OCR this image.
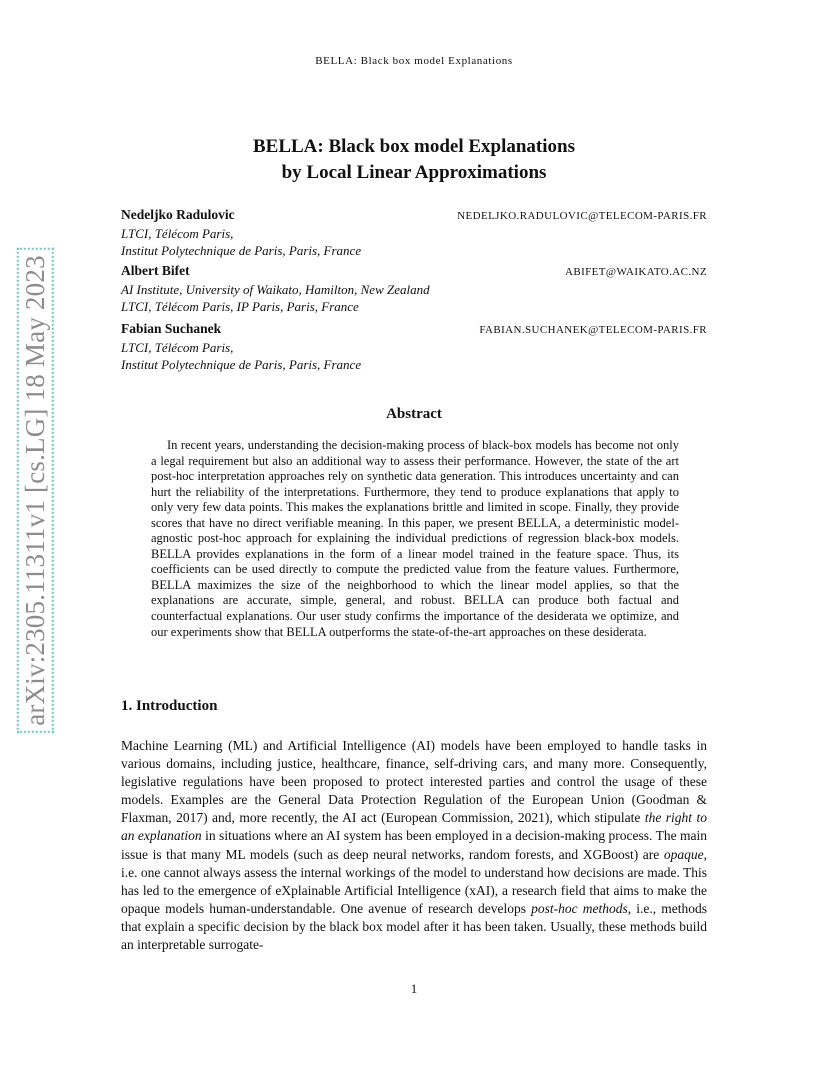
BELLA: Black box model Explanations
arXiv:2305.11311v1 [cs.LG] 18 May 2023
BELLA: Black box model Explanations
by Local Linear Approximations
Nedeljko Radulovic	NEDELJKO.RADULOVIC@TELECOM-PARIS.FR
LTCI, Télécom Paris,
Institut Polytechnique de Paris, Paris, France
Albert Bifet	ABIFET@WAIKATO.AC.NZ
AI Institute, University of Waikato, Hamilton, New Zealand
LTCI, Télécom Paris, IP Paris, Paris, France
Fabian Suchanek	FABIAN.SUCHANEK@TELECOM-PARIS.FR
LTCI, Télécom Paris,
Institut Polytechnique de Paris, Paris, France
Abstract

In recent years, understanding the decision-making process of black-box models has become not only a legal requirement but also an additional way to assess their performance. However, the state of the art post-hoc interpretation approaches rely on synthetic data generation. This introduces uncertainty and can hurt the reliability of the interpretations. Furthermore, they tend to produce explanations that apply to only very few data points. This makes the explanations brittle and limited in scope. Finally, they provide scores that have no direct verifiable meaning. In this paper, we present BELLA, a deterministic model-agnostic post-hoc approach for explaining the individual predictions of regression black-box models. BELLA provides explanations in the form of a linear model trained in the feature space. Thus, its coefficients can be used directly to compute the predicted value from the feature values. Furthermore, BELLA maximizes the size of the neighborhood to which the linear model applies, so that the explanations are accurate, simple, general, and robust. BELLA can produce both factual and counterfactual explanations. Our user study confirms the importance of the desiderata we optimize, and our experiments show that BELLA outperforms the state-of-the-art approaches on these desiderata.

1. Introduction

Machine Learning (ML) and Artificial Intelligence (AI) models have been employed to handle tasks in various domains, including justice, healthcare, finance, self-driving cars, and many more. Consequently, legislative regulations have been proposed to protect interested parties and control the usage of these models. Examples are the General Data Protection Regulation of the European Union (Goodman & Flaxman, 2017) and, more recently, the AI act (European Commission, 2021), which stipulate the right to an explanation in situations where an AI system has been employed in a decision-making process. The main issue is that many ML models (such as deep neural networks, random forests, and XGBoost) are opaque, i.e. one cannot always assess the internal workings of the model to understand how decisions are made. This has led to the emergence of eXplainable Artificial Intelligence (xAI), a research field that aims to make the opaque models human-understandable. One avenue of research develops post-hoc methods, i.e., methods that explain a specific decision by the black box model after it has been taken. Usually, these methods build an interpretable surrogate-

1
